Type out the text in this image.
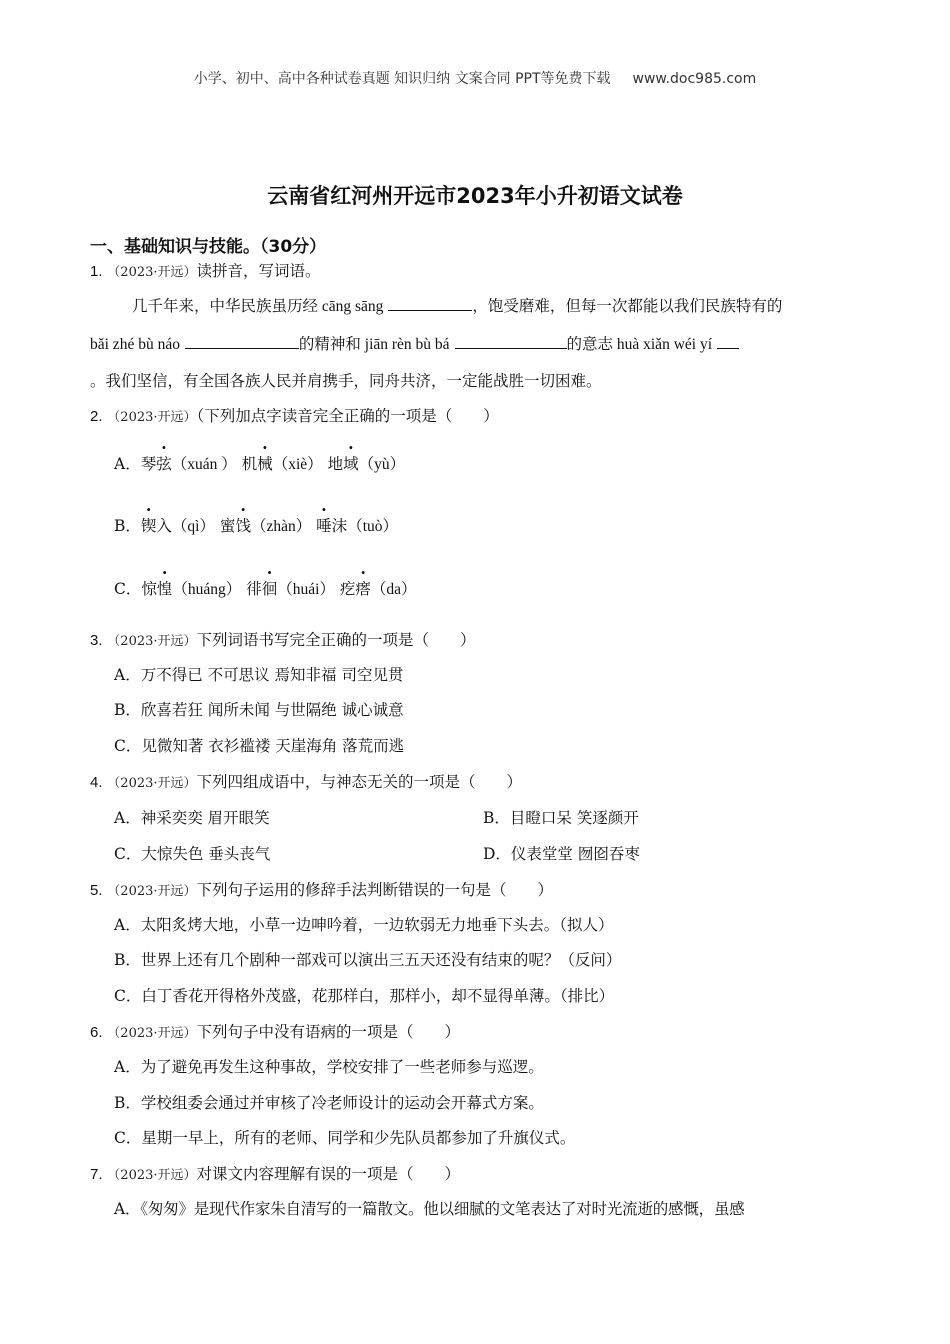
小学、初中、高中各种试卷真题 知识归纳 文案合同 PPT等免费下载 www.doc985.com
云南省红河州开远市2023年小升初语文试卷
一、基础知识与技能。（30分）
1. （2023·开远）读拼音，写词语。
几千年来，中华民族虽历经 cāng sāng	，饱受磨难，但每一次都能以我们民族特有的
bǎi zhé bù náo	的精神和 jiān rèn bù bá	的意志 huà xiǎn wéi yí
。我们坚信，有全国各族人民并肩携手，同舟共济，一定能战胜一切困难。
2. （2023·开远）（下列加点字读音完全正确的一项是（　　）
A．琴弦（xuán ） 机械（xiè） 地域（yù）
B．锲入（qì） 蜜饯（zhàn） 唾沫（tuò）
C．惊惶（huáng） 徘徊（huái） 疙瘩（da）
3. （2023·开远）下列词语书写完全正确的一项是（　　）
A．万不得已 不可思议 焉知非福 司空见贯
B．欣喜若狂 闻所未闻 与世隔绝 诚心诚意
C．见微知著 衣衫褴褛 天崖海角 落荒而逃
4. （2023·开远）下列四组成语中，与神态无关的一项是（　　）
A．神采奕奕 眉开眼笑	B．目瞪口呆 笑逐颜开
C．大惊失色 垂头丧气	D．仪表堂堂 囫囵吞枣
5. （2023·开远）下列句子运用的修辞手法判断错误的一句是（　　）
A．太阳炙烤大地，小草一边呻吟着，一边软弱无力地垂下头去。（拟人）
B．世界上还有几个剧种一部戏可以演出三五天还没有结束的呢？（反问）
C．白丁香花开得格外茂盛，花那样白，那样小，却不显得单薄。（排比）
6. （2023·开远）下列句子中没有语病的一项是（　　）
A．为了避免再发生这种事故，学校安排了一些老师参与巡逻。
B．学校组委会通过并审核了冷老师设计的运动会开幕式方案。
C．星期一早上，所有的老师、同学和少先队员都参加了升旗仪式。
7. （2023·开远）对课文内容理解有误的一项是（　　）
A．《匆匆》是现代作家朱自清写的一篇散文。他以细腻的文笔表达了对时光流逝的感慨，虽感
